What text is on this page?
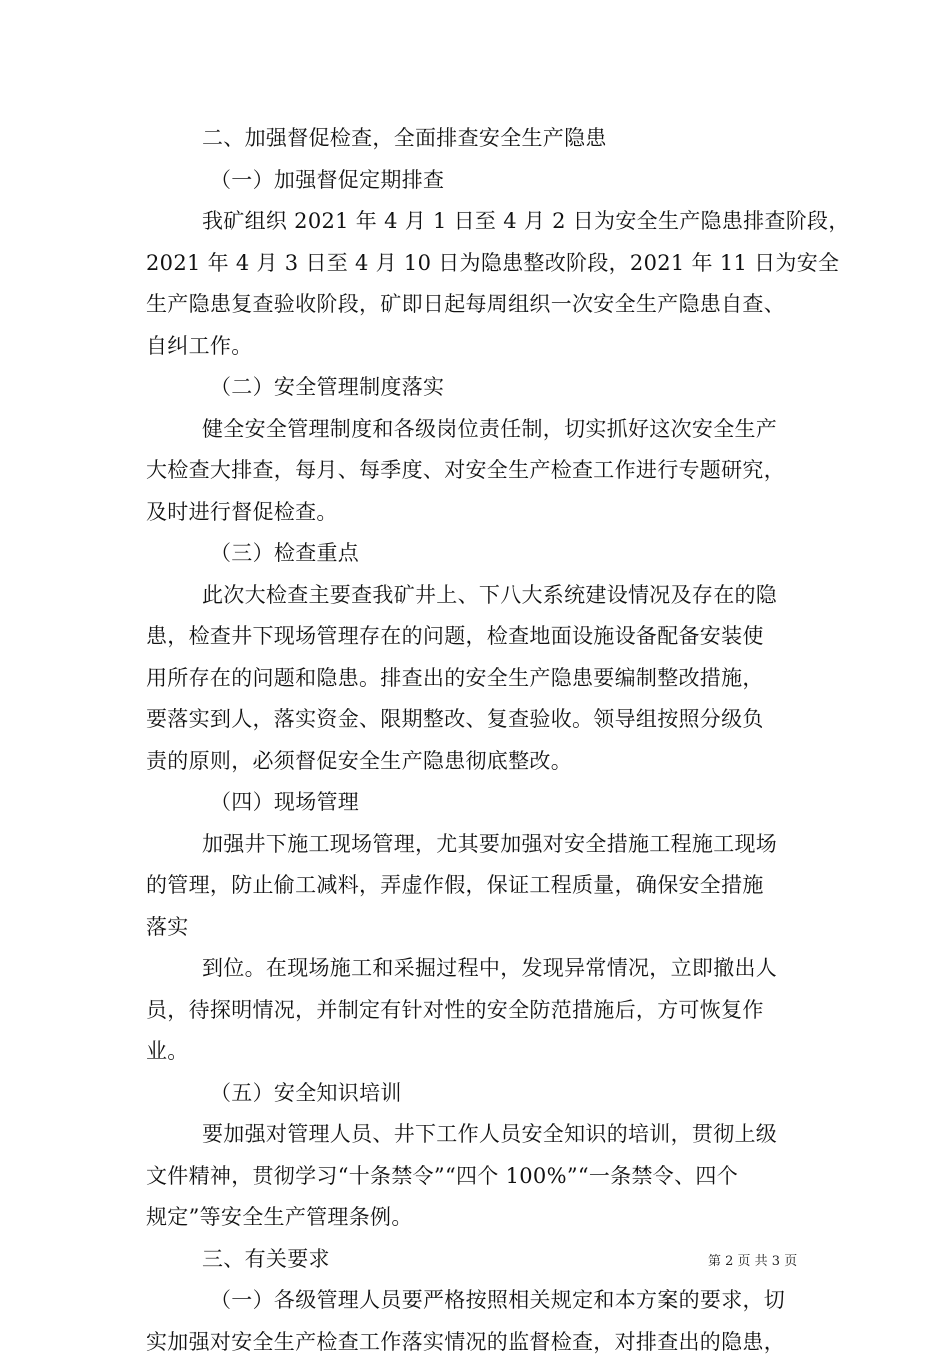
二、加强督促检查，全面排查安全生产隐患
（一）加强督促定期排查
我矿组织 2021 年 4 月 1 日至 4 月 2 日为安全生产隐患排查阶段，
2021 年 4 月 3 日至 4 月 10 日为隐患整改阶段，2021 年 11 日为安全
生产隐患复查验收阶段，矿即日起每周组织一次安全生产隐患自查、
自纠工作。
（二）安全管理制度落实
健全安全管理制度和各级岗位责任制，切实抓好这次安全生产
大检查大排查，每月、每季度、对安全生产检查工作进行专题研究，
及时进行督促检查。
（三）检查重点
此次大检查主要查我矿井上、下八大系统建设情况及存在的隐
患，检查井下现场管理存在的问题，检查地面设施设备配备安装使
用所存在的问题和隐患。排查出的安全生产隐患要编制整改措施，
要落实到人，落实资金、限期整改、复查验收。领导组按照分级负
责的原则，必须督促安全生产隐患彻底整改。
（四）现场管理
加强井下施工现场管理，尤其要加强对安全措施工程施工现场
的管理，防止偷工减料，弄虚作假，保证工程质量，确保安全措施
落实
到位。在现场施工和采掘过程中，发现异常情况，立即撤出人
员，待探明情况，并制定有针对性的安全防范措施后，方可恢复作
业。
（五）安全知识培训
要加强对管理人员、井下工作人员安全知识的培训，贯彻上级
文件精神，贯彻学习“十条禁令”“四个 100%”“一条禁令、四个
规定”等安全生产管理条例。
三、有关要求
（一）各级管理人员要严格按照相关规定和本方案的要求，切
实加强对安全生产检查工作落实情况的监督检查，对排查出的隐患，
第 2 页 共 3 页
